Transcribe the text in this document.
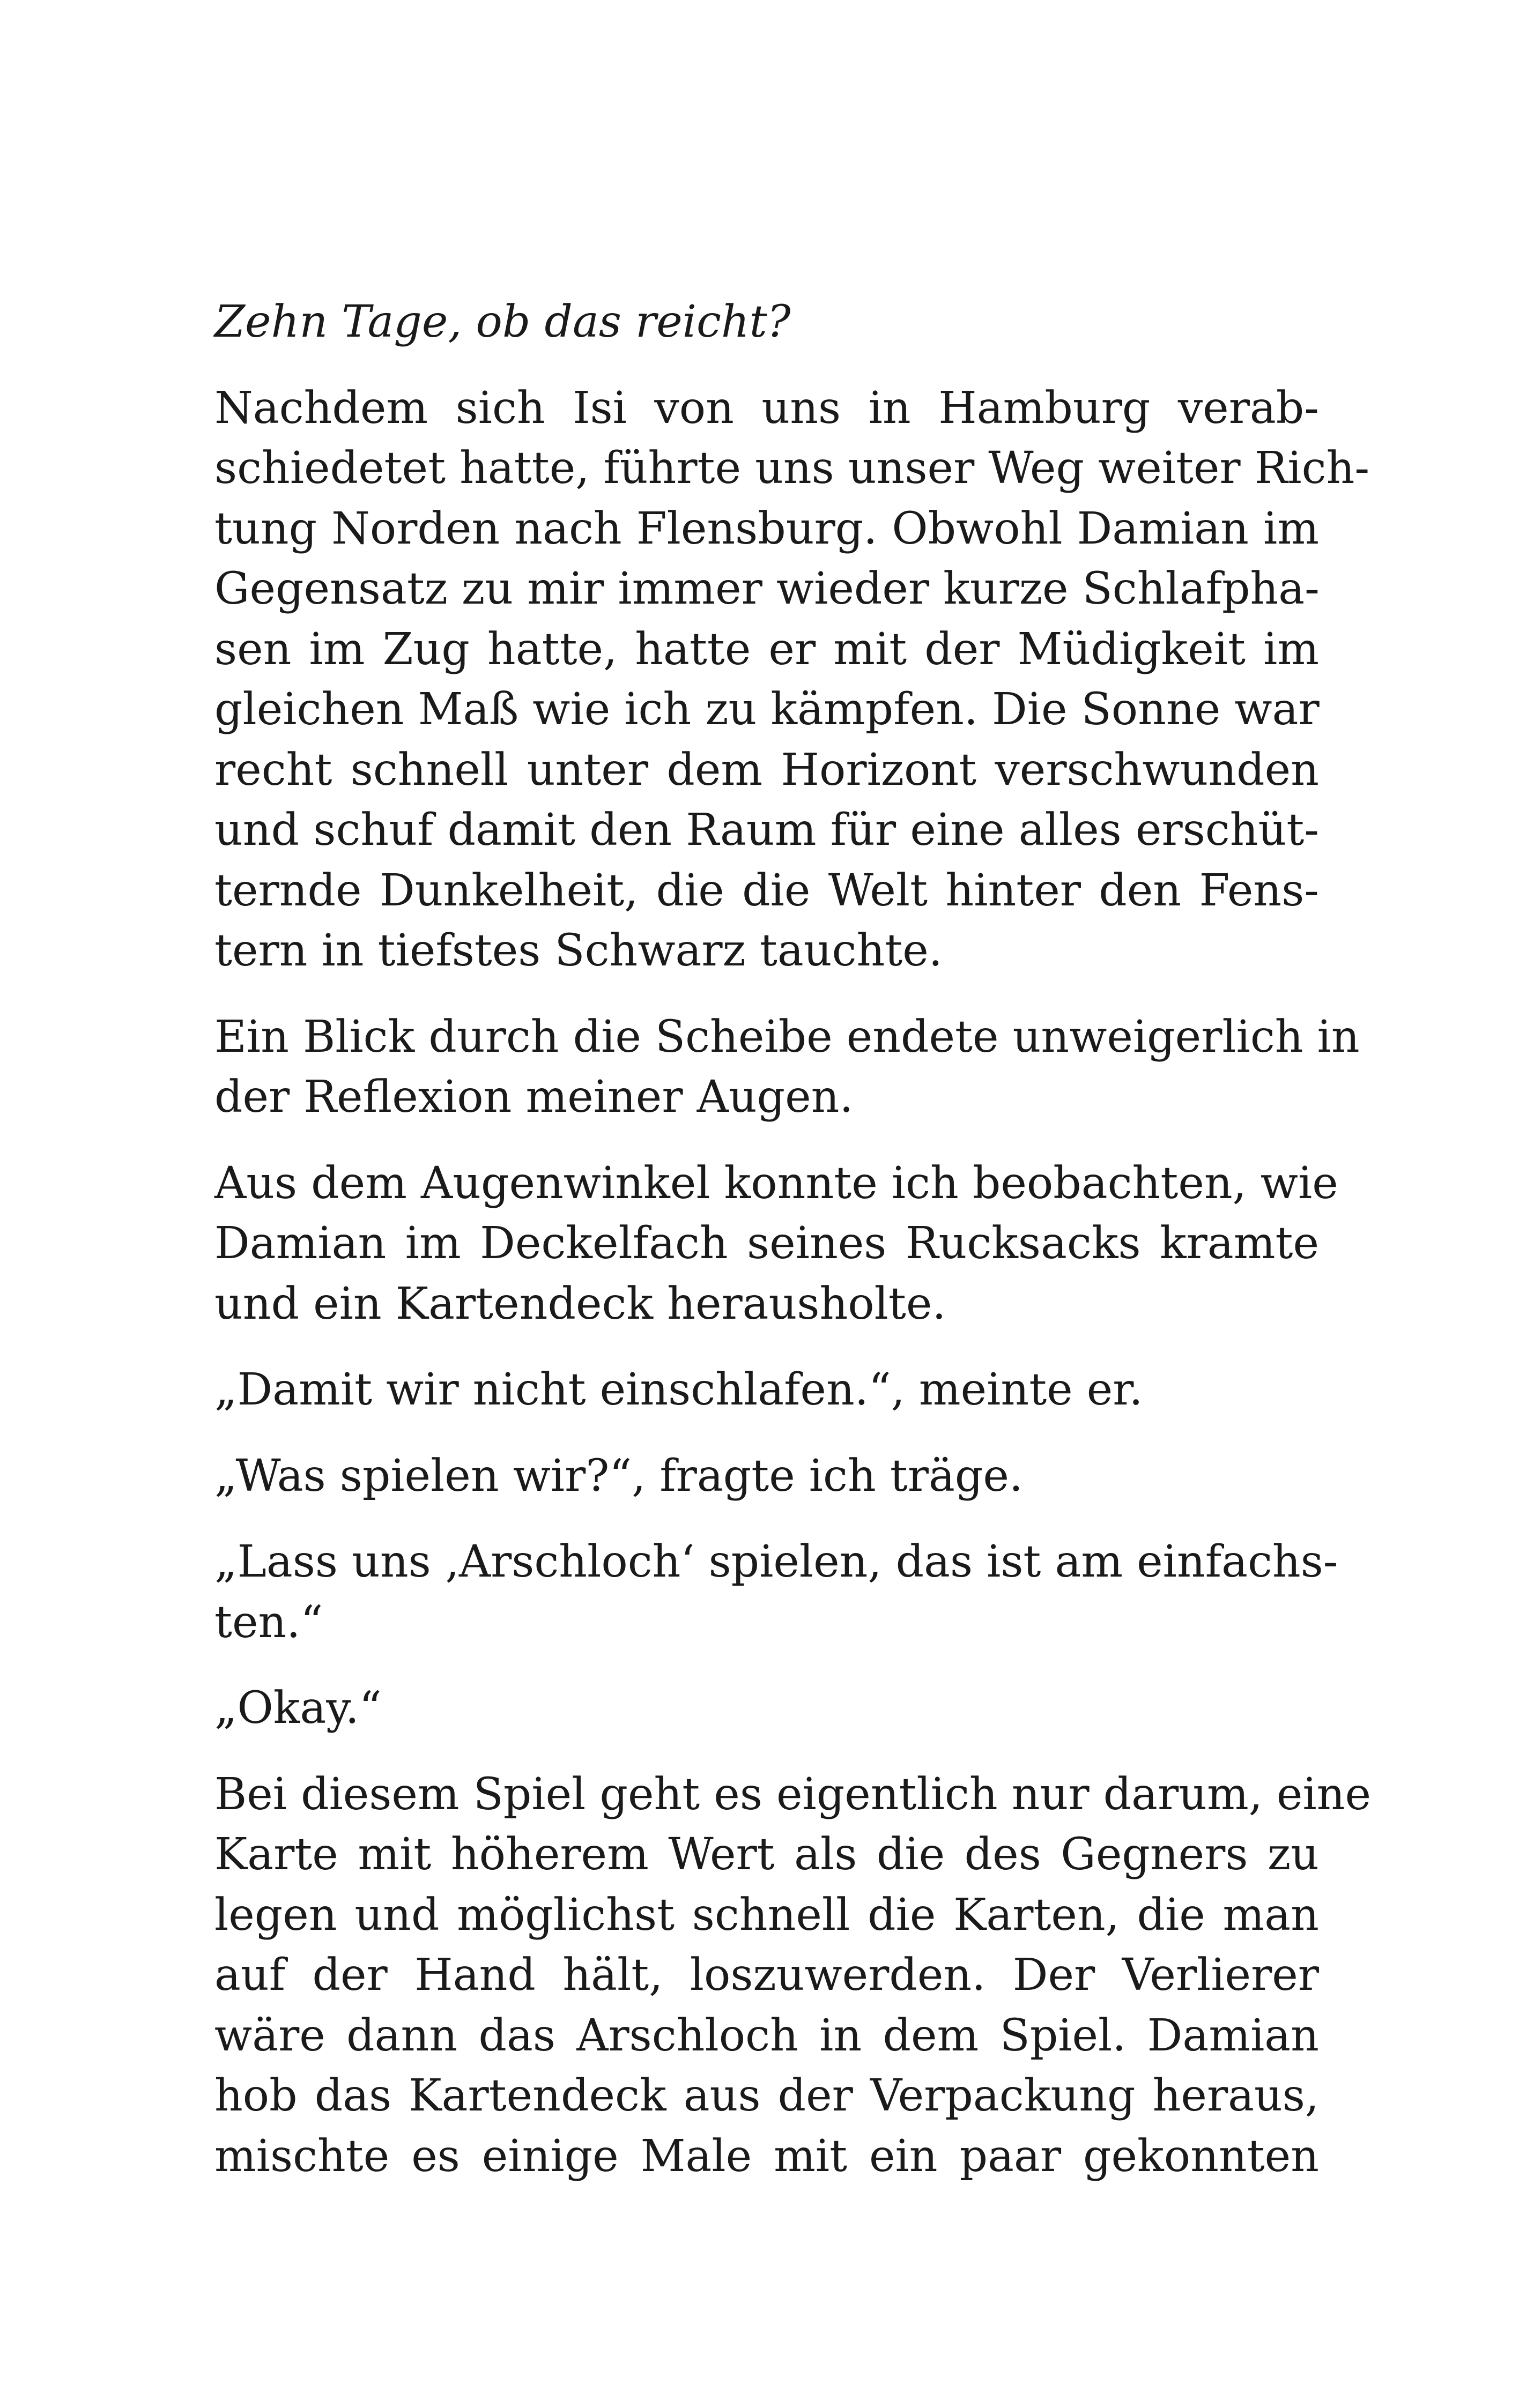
Zehn Tage, ob das reicht?
Nachdem sich Isi von uns in Hamburg verab-
schiedetet hatte, führte uns unser Weg weiter Rich-
tung Norden nach Flensburg. Obwohl Damian im
Gegensatz zu mir immer wieder kurze Schlafpha-
sen im Zug hatte, hatte er mit der Müdigkeit im
gleichen Maß wie ich zu kämpfen. Die Sonne war
recht schnell unter dem Horizont verschwunden
und schuf damit den Raum für eine alles erschüt-
ternde Dunkelheit, die die Welt hinter den Fens-
tern in tiefstes Schwarz tauchte.
Ein Blick durch die Scheibe endete unweigerlich in
der Reflexion meiner Augen.
Aus dem Augenwinkel konnte ich beobachten, wie
Damian im Deckelfach seines Rucksacks kramte
und ein Kartendeck herausholte.
„Damit wir nicht einschlafen.“, meinte er.
„Was spielen wir?“, fragte ich träge.
„Lass uns ‚Arschloch‘ spielen, das ist am einfachs-
ten.“
„Okay.“
Bei diesem Spiel geht es eigentlich nur darum, eine
Karte mit höherem Wert als die des Gegners zu
legen und möglichst schnell die Karten, die man
auf der Hand hält, loszuwerden. Der Verlierer
wäre dann das Arschloch in dem Spiel. Damian
hob das Kartendeck aus der Verpackung heraus,
mischte es einige Male mit ein paar gekonnten
